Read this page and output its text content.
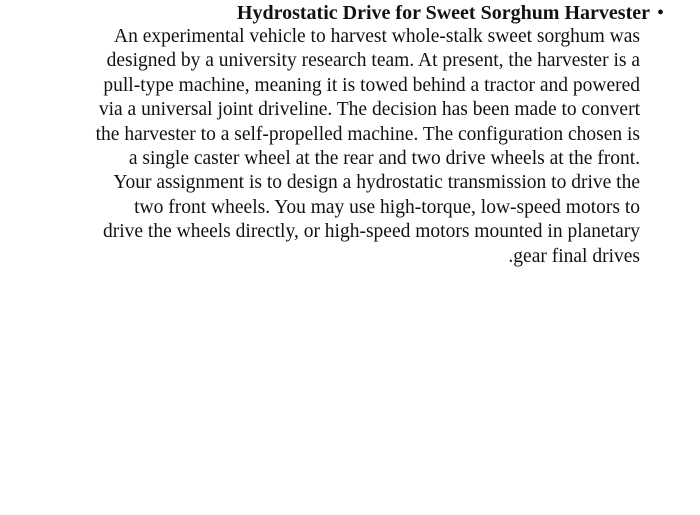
Hydrostatic Drive for Sweet Sorghum Harvester •
An experimental vehicle to harvest whole-stalk sweet sorghum was
designed by a university research team. At present, the harvester is a
pull-type machine, meaning it is towed behind a tractor and powered
via a universal joint driveline. The decision has been made to convert
the harvester to a self-propelled machine. The configuration chosen is
a single caster wheel at the rear and two drive wheels at the front.
Your assignment is to design a hydrostatic transmission to drive the
two front wheels. You may use high-torque, low-speed motors to
drive the wheels directly, or high-speed motors mounted in planetary
.gear final drives
